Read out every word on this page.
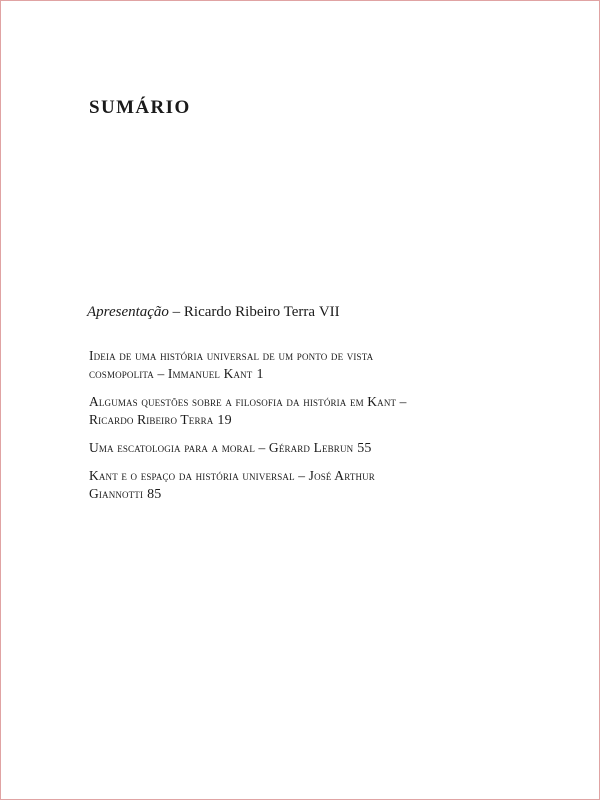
SUMÁRIO
Apresentação – Ricardo Ribeiro Terra VII
Ideia de uma história universal de um ponto de vista
cosmopolita – Immanuel Kant 1
Algumas questões sobre a filosofia da história em Kant –
Ricardo Ribeiro Terra 19
Uma escatologia para a moral – Gérard Lebrun 55
Kant e o espaço da história universal – José Arthur
Giannotti 85
